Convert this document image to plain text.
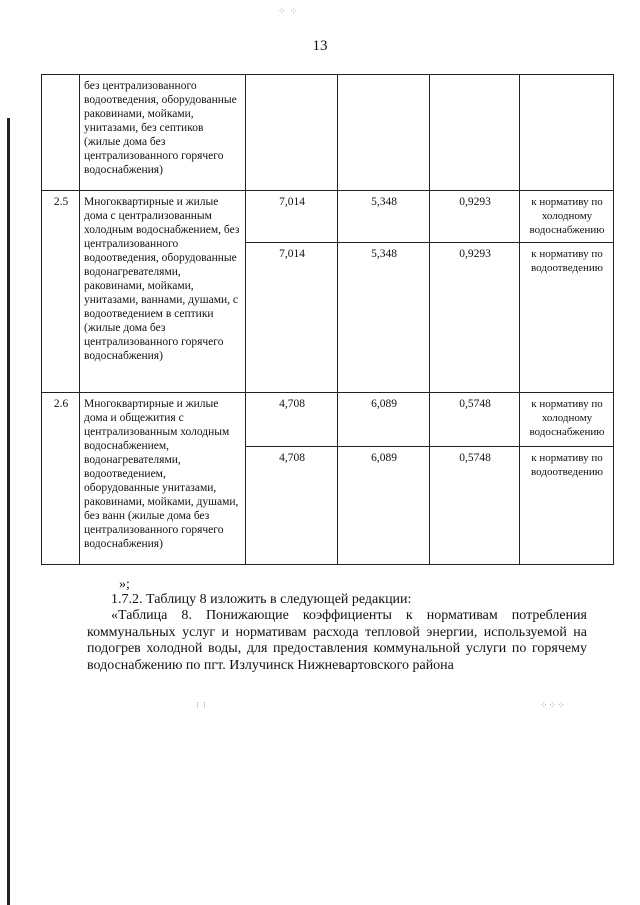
13
	без централизованного водоотведения, оборудованные раковинами, мойками, унитазами, без септиков (жилые дома без централизованного горячего водоснабжения)				
2.5	Многоквартирные и жилые дома с централизованным холодным водоснабжением, без централизованного водоотведения, оборудованные водонагревателями, раковинами, мойками, унитазами, ваннами, душами, с водоотведением в септики (жилые дома без централизованного горячего водоснабжения)	7,014	5,348	0,9293	к нормативу по холодному водоснабжению
		7,014	5,348	0,9293	к нормативу по водоотведению
2.6	Многоквартирные и жилые дома и общежития с централизованным холодным водоснабжением, водонагревателями, водоотведением, оборудованные унитазами, раковинами, мойками, душами, без ванн (жилые дома без централизованного горячего водоснабжения)	4,708	6,089	0,5748	к нормативу по холодному водоснабжению
		4,708	6,089	0,5748	к нормативу по водоотведению
»;
1.7.2. Таблицу 8 изложить в следующей редакции:
«Таблица 8. Понижающие коэффициенты к нормативам потребления коммунальных услуг и нормативам расхода тепловой энергии, используемой на подогрев холодной воды, для предоставления коммунальной услуги по горячему водоснабжению по пгт. Излучинск Нижневартовского района
⁘ ⁘
⁝ ⁝	⁘⁘⁘
